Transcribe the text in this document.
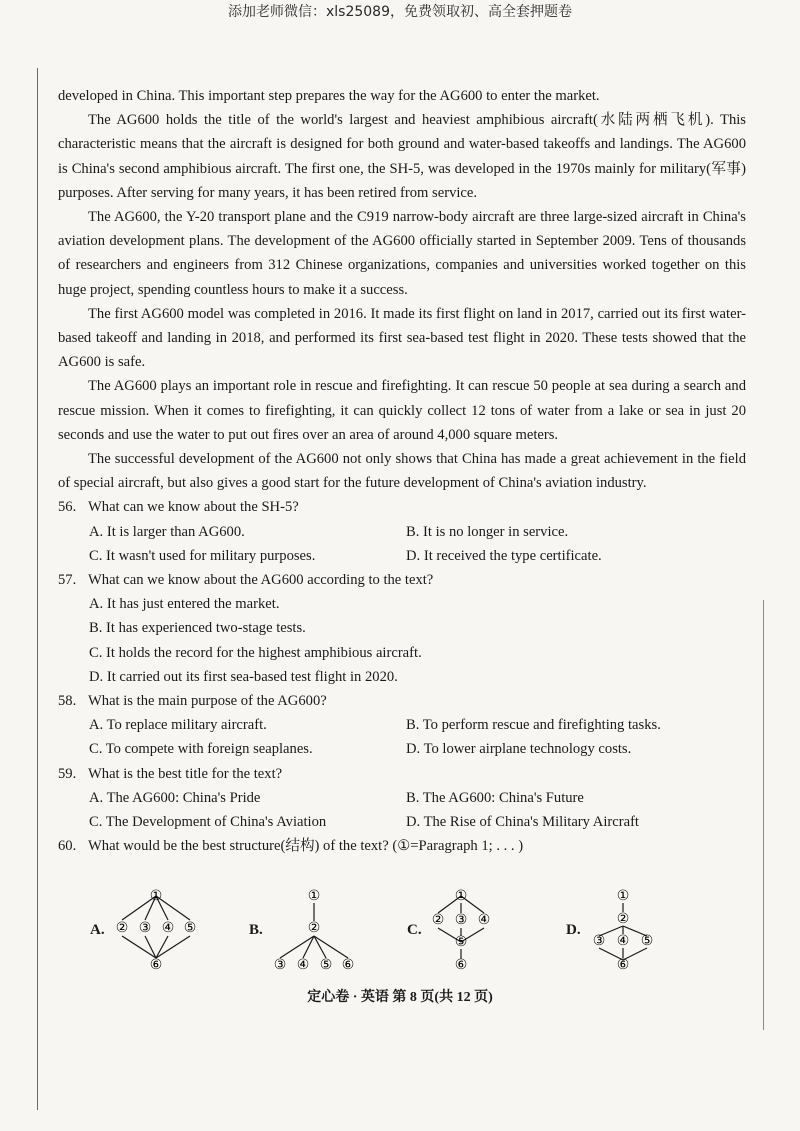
添加老师微信：xls25089，免费领取初、高全套押题卷

developed in China. This important step prepares the way for the AG600 to enter the market.

The AG600 holds the title of the world's largest and heaviest amphibious aircraft(水陆两栖飞机). This characteristic means that the aircraft is designed for both ground and water-based takeoffs and landings. The AG600 is China's second amphibious aircraft. The first one, the SH-5, was developed in the 1970s mainly for military(军事) purposes. After serving for many years, it has been retired from service.

The AG600, the Y-20 transport plane and the C919 narrow-body aircraft are three large-sized aircraft in China's aviation development plans. The development of the AG600 officially started in September 2009. Tens of thousands of researchers and engineers from 312 Chinese organizations, companies and universities worked together on this huge project, spending countless hours to make it a success.

The first AG600 model was completed in 2016. It made its first flight on land in 2017, carried out its first water-based takeoff and landing in 2018, and performed its first sea-based test flight in 2020. These tests showed that the AG600 is safe.

The AG600 plays an important role in rescue and firefighting. It can rescue 50 people at sea during a search and rescue mission. When it comes to firefighting, it can quickly collect 12 tons of water from a lake or sea in just 20 seconds and use the water to put out fires over an area of around 4,000 square meters.

The successful development of the AG600 not only shows that China has made a great achievement in the field of special aircraft, but also gives a good start for the future development of China's aviation industry.

56. What can we know about the SH-5?

A. It is larger than AG600.	B. It is no longer in service.
C. It wasn't used for military purposes.	D. It received the type certificate.

57. What can we know about the AG600 according to the text?

A. It has just entered the market.
B. It has experienced two-stage tests.
C. It holds the record for the highest amphibious aircraft.
D. It carried out its first sea-based test flight in 2020.

58. What is the main purpose of the AG600?

A. To replace military aircraft.	B. To perform rescue and firefighting tasks.
C. To compete with foreign seaplanes.	D. To lower airplane technology costs.

59. What is the best title for the text?

A. The AG600: China's Pride	B. The AG600: China's Future
C. The Development of China's Aviation	D. The Rise of China's Military Aircraft

60. What would be the best structure(结构) of the text? (①=Paragraph 1; . . . )

A.
①
② ③ ④ ⑤
⑥
B.
①
②
③ ④ ⑤ ⑥
C.
①
② ③ ④
⑤
⑥
D.
①
②
③ ④ ⑤
⑥
定心卷 · 英语 第 8 页(共 12 页)
